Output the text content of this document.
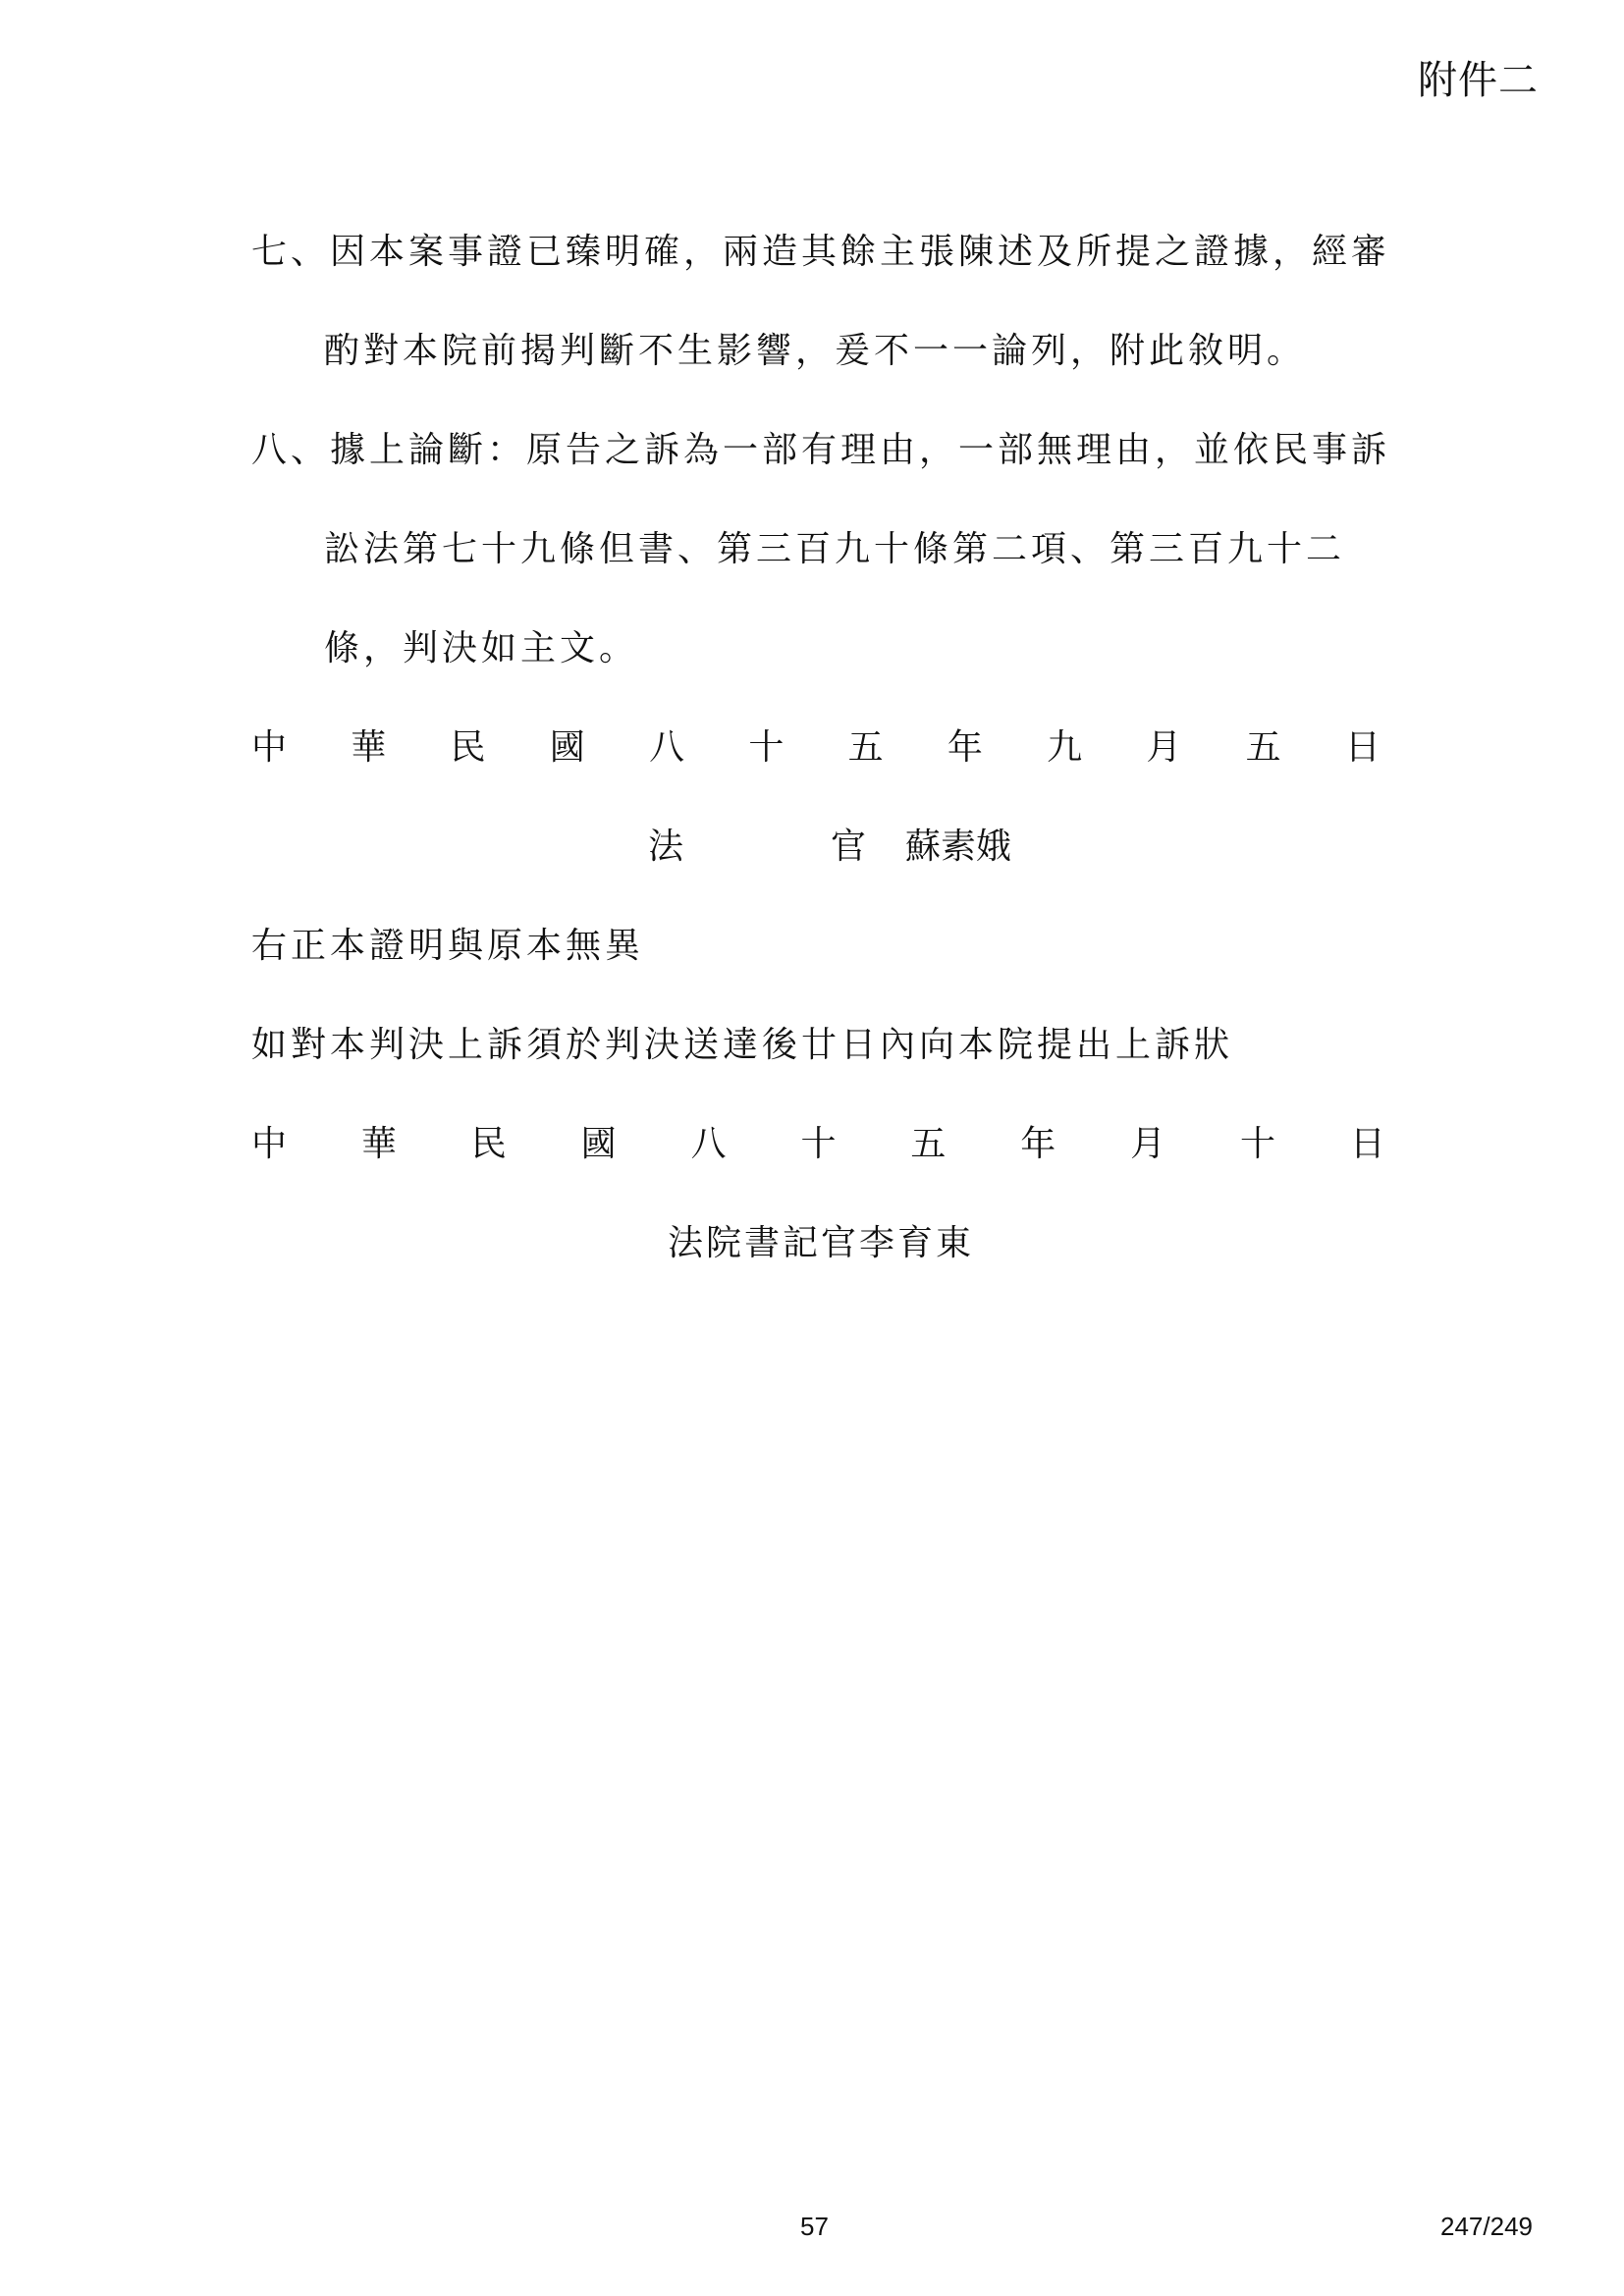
附件二
七、因本案事證已臻明確，兩造其餘主張陳述及所提之證據，經審
酌對本院前揭判斷不生影響，爰不一一論列，附此敘明。
八、據上論斷：原告之訴為一部有理由，一部無理由，並依民事訴
訟法第七十九條但書、第三百九十條第二項、第三百九十二
條，判決如主文。
中 華 民 國 八 十 五 年 九 月 五 日
法	官 蘇素娥
右正本證明與原本無異
如對本判決上訴須於判決送達後廿日內向本院提出上訴狀
中 華 民 國 八 十 五 年 月 十 日
法院書記官李育東
57	247/249
